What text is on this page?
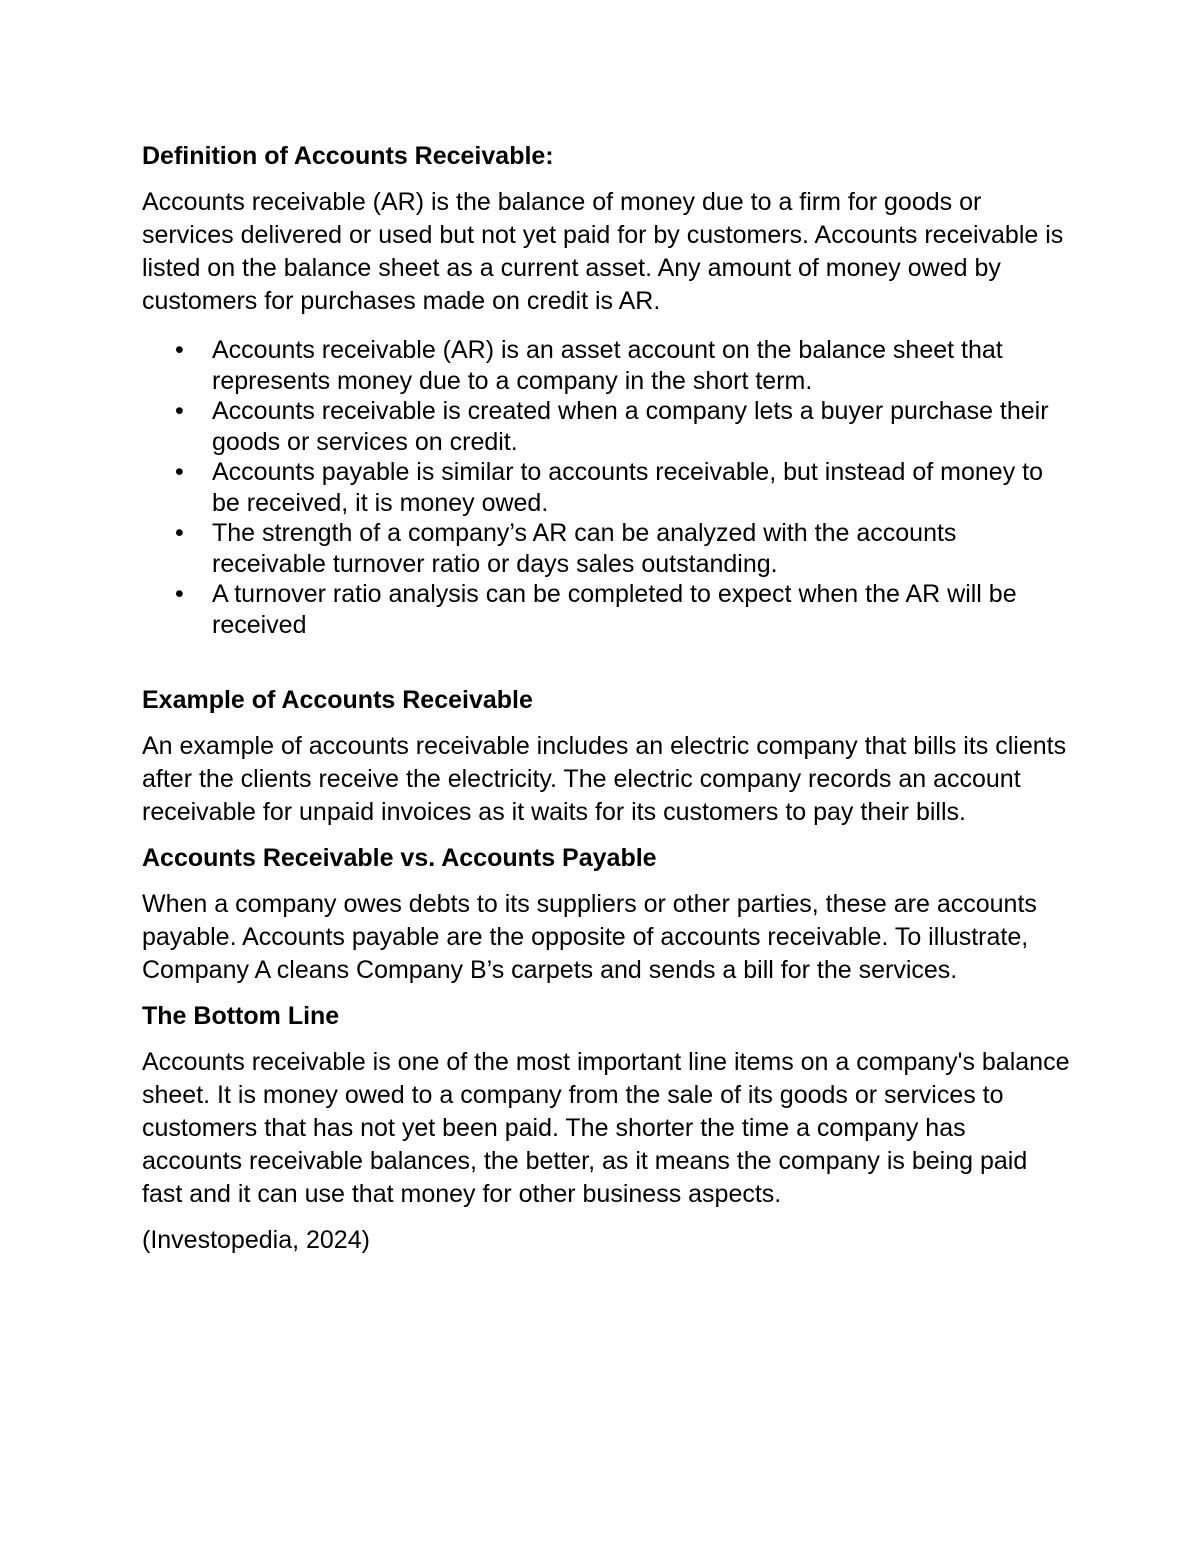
Definition of Accounts Receivable:

Accounts receivable (AR) is the balance of money due to a firm for goods or services delivered or used but not yet paid for by customers. Accounts receivable is listed on the balance sheet as a current asset. Any amount of money owed by customers for purchases made on credit is AR.

• Accounts receivable (AR) is an asset account on the balance sheet that represents money due to a company in the short term.
• Accounts receivable is created when a company lets a buyer purchase their goods or services on credit.
• Accounts payable is similar to accounts receivable, but instead of money to be received, it is money owed.
• The strength of a company’s AR can be analyzed with the accounts receivable turnover ratio or days sales outstanding.
• A turnover ratio analysis can be completed to expect when the AR will be received
Example of Accounts Receivable

An example of accounts receivable includes an electric company that bills its clients after the clients receive the electricity. The electric company records an account receivable for unpaid invoices as it waits for its customers to pay their bills.

Accounts Receivable vs. Accounts Payable

When a company owes debts to its suppliers or other parties, these are accounts payable. Accounts payable are the opposite of accounts receivable. To illustrate, Company A cleans Company B’s carpets and sends a bill for the services.

The Bottom Line

Accounts receivable is one of the most important line items on a company's balance sheet. It is money owed to a company from the sale of its goods or services to customers that has not yet been paid. The shorter the time a company has accounts receivable balances, the better, as it means the company is being paid fast and it can use that money for other business aspects.

(Investopedia, 2024)
